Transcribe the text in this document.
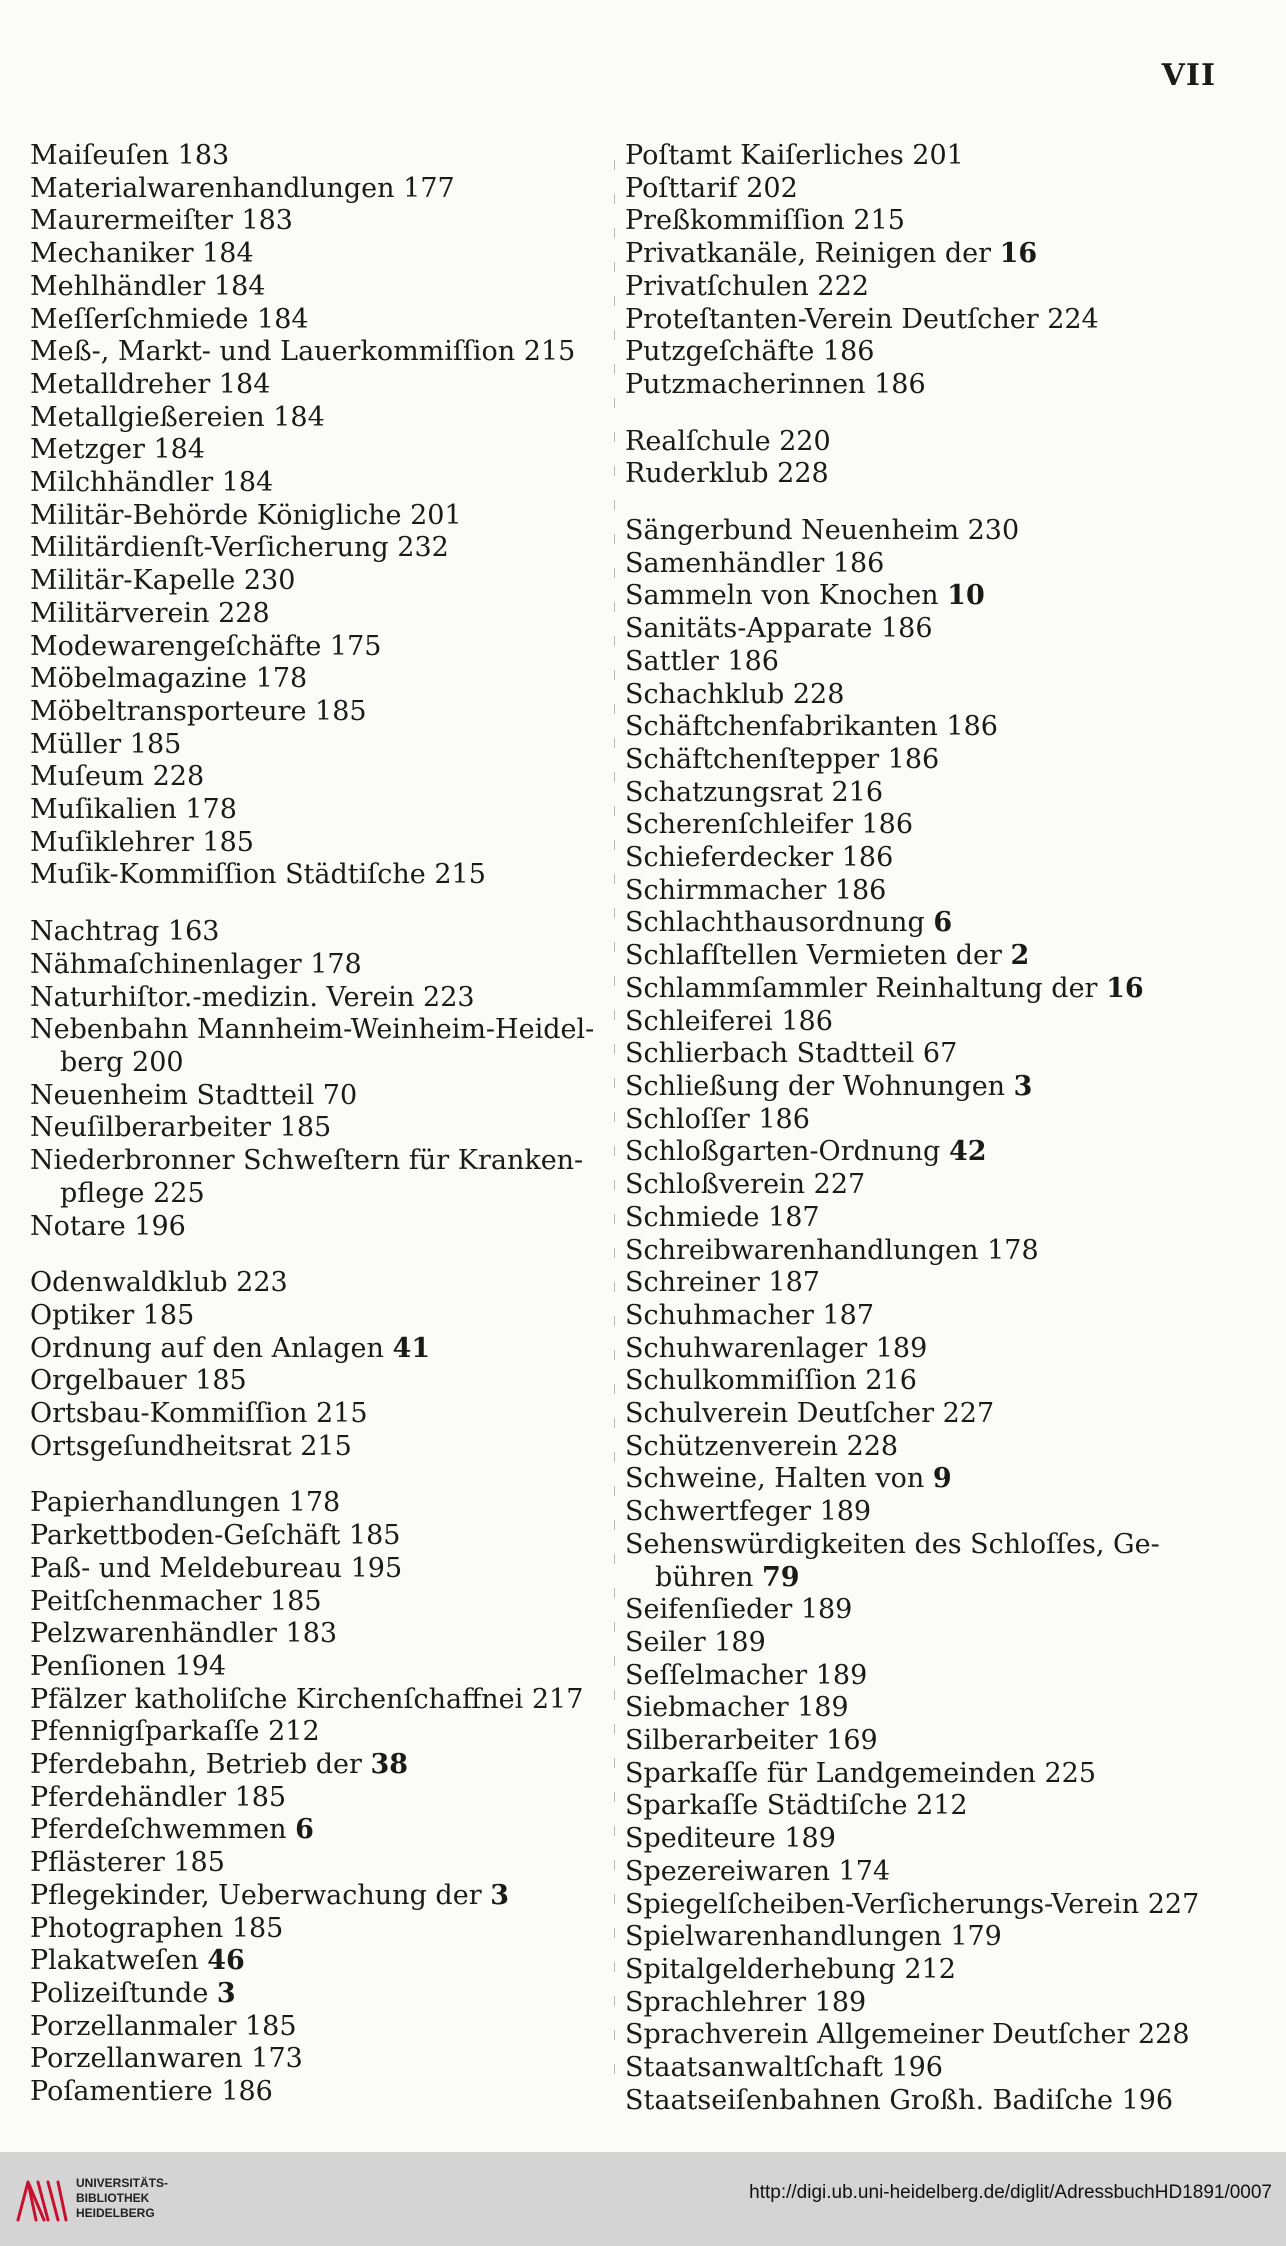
VII
Maiſeuſen 183
Materialwarenhandlungen 177
Maurermeiſter 183
Mechaniker 184
Mehlhändler 184
Meſſerſchmiede 184
Meß-, Markt- und Lauerkommiſſion 215
Metalldreher 184
Metallgießereien 184
Metzger 184
Milchhändler 184
Militär-Behörde Königliche 201
Militärdienſt-Verſicherung 232
Militär-Kapelle 230
Militärverein 228
Modewarengeſchäfte 175
Möbelmagazine 178
Möbeltransporteure 185
Müller 185
Muſeum 228
Muſikalien 178
Muſiklehrer 185
Muſik-Kommiſſion Städtiſche 215
Nachtrag 163
Nähmaſchinenlager 178
Naturhiſtor.-medizin. Verein 223
Nebenbahn Mannheim-Weinheim-Heidel-
berg 200
Neuenheim Stadtteil 70
Neuſilberarbeiter 185
Niederbronner Schweſtern für Kranken-
pflege 225
Notare 196
Odenwaldklub 223
Optiker 185
Ordnung auf den Anlagen 41
Orgelbauer 185
Ortsbau-Kommiſſion 215
Ortsgeſundheitsrat 215
Papierhandlungen 178
Parkettboden-Geſchäft 185
Paß- und Meldebureau 195
Peitſchenmacher 185
Pelzwarenhändler 183
Penſionen 194
Pfälzer katholiſche Kirchenſchaffnei 217
Pfennigſparkaſſe 212
Pferdebahn, Betrieb der 38
Pferdehändler 185
Pferdeſchwemmen 6
Pflästerer 185
Pflegekinder, Ueberwachung der 3
Photographen 185
Plakatweſen 46
Polizeiſtunde 3
Porzellanmaler 185
Porzellanwaren 173
Poſamentiere 186
Poſtamt Kaiſerliches 201
Poſttarif 202
Preßkommiſſion 215
Privatkanäle, Reinigen der 16
Privatſchulen 222
Proteſtanten-Verein Deutſcher 224
Putzgeſchäfte 186
Putzmacherinnen 186
Realſchule 220
Ruderklub 228
Sängerbund Neuenheim 230
Samenhändler 186
Sammeln von Knochen 10
Sanitäts-Apparate 186
Sattler 186
Schachklub 228
Schäftchenfabrikanten 186
Schäftchenſtepper 186
Schatzungsrat 216
Scherenſchleifer 186
Schieferdecker 186
Schirmmacher 186
Schlachthausordnung 6
Schlafſtellen Vermieten der 2
Schlammſammler Reinhaltung der 16
Schleiferei 186
Schlierbach Stadtteil 67
Schließung der Wohnungen 3
Schloſſer 186
Schloßgarten-Ordnung 42
Schloßverein 227
Schmiede 187
Schreibwarenhandlungen 178
Schreiner 187
Schuhmacher 187
Schuhwarenlager 189
Schulkommiſſion 216
Schulverein Deutſcher 227
Schützenverein 228
Schweine, Halten von 9
Schwertfeger 189
Sehenswürdigkeiten des Schloſſes, Ge-
bühren 79
Seifenſieder 189
Seiler 189
Seſſelmacher 189
Siebmacher 189
Silberarbeiter 169
Sparkaſſe für Landgemeinden 225
Sparkaſſe Städtiſche 212
Spediteure 189
Spezereiwaren 174
Spiegelſcheiben-Verſicherungs-Verein 227
Spielwarenhandlungen 179
Spitalgelderhebung 212
Sprachlehrer 189
Sprachverein Allgemeiner Deutſcher 228
Staatsanwaltſchaft 196
Staatseiſenbahnen Großh. Badiſche 196
UNIVERSITÄTS-
BIBLIOTHEK
HEIDELBERG
http://digi.ub.uni-heidelberg.de/diglit/AdressbuchHD1891/0007
